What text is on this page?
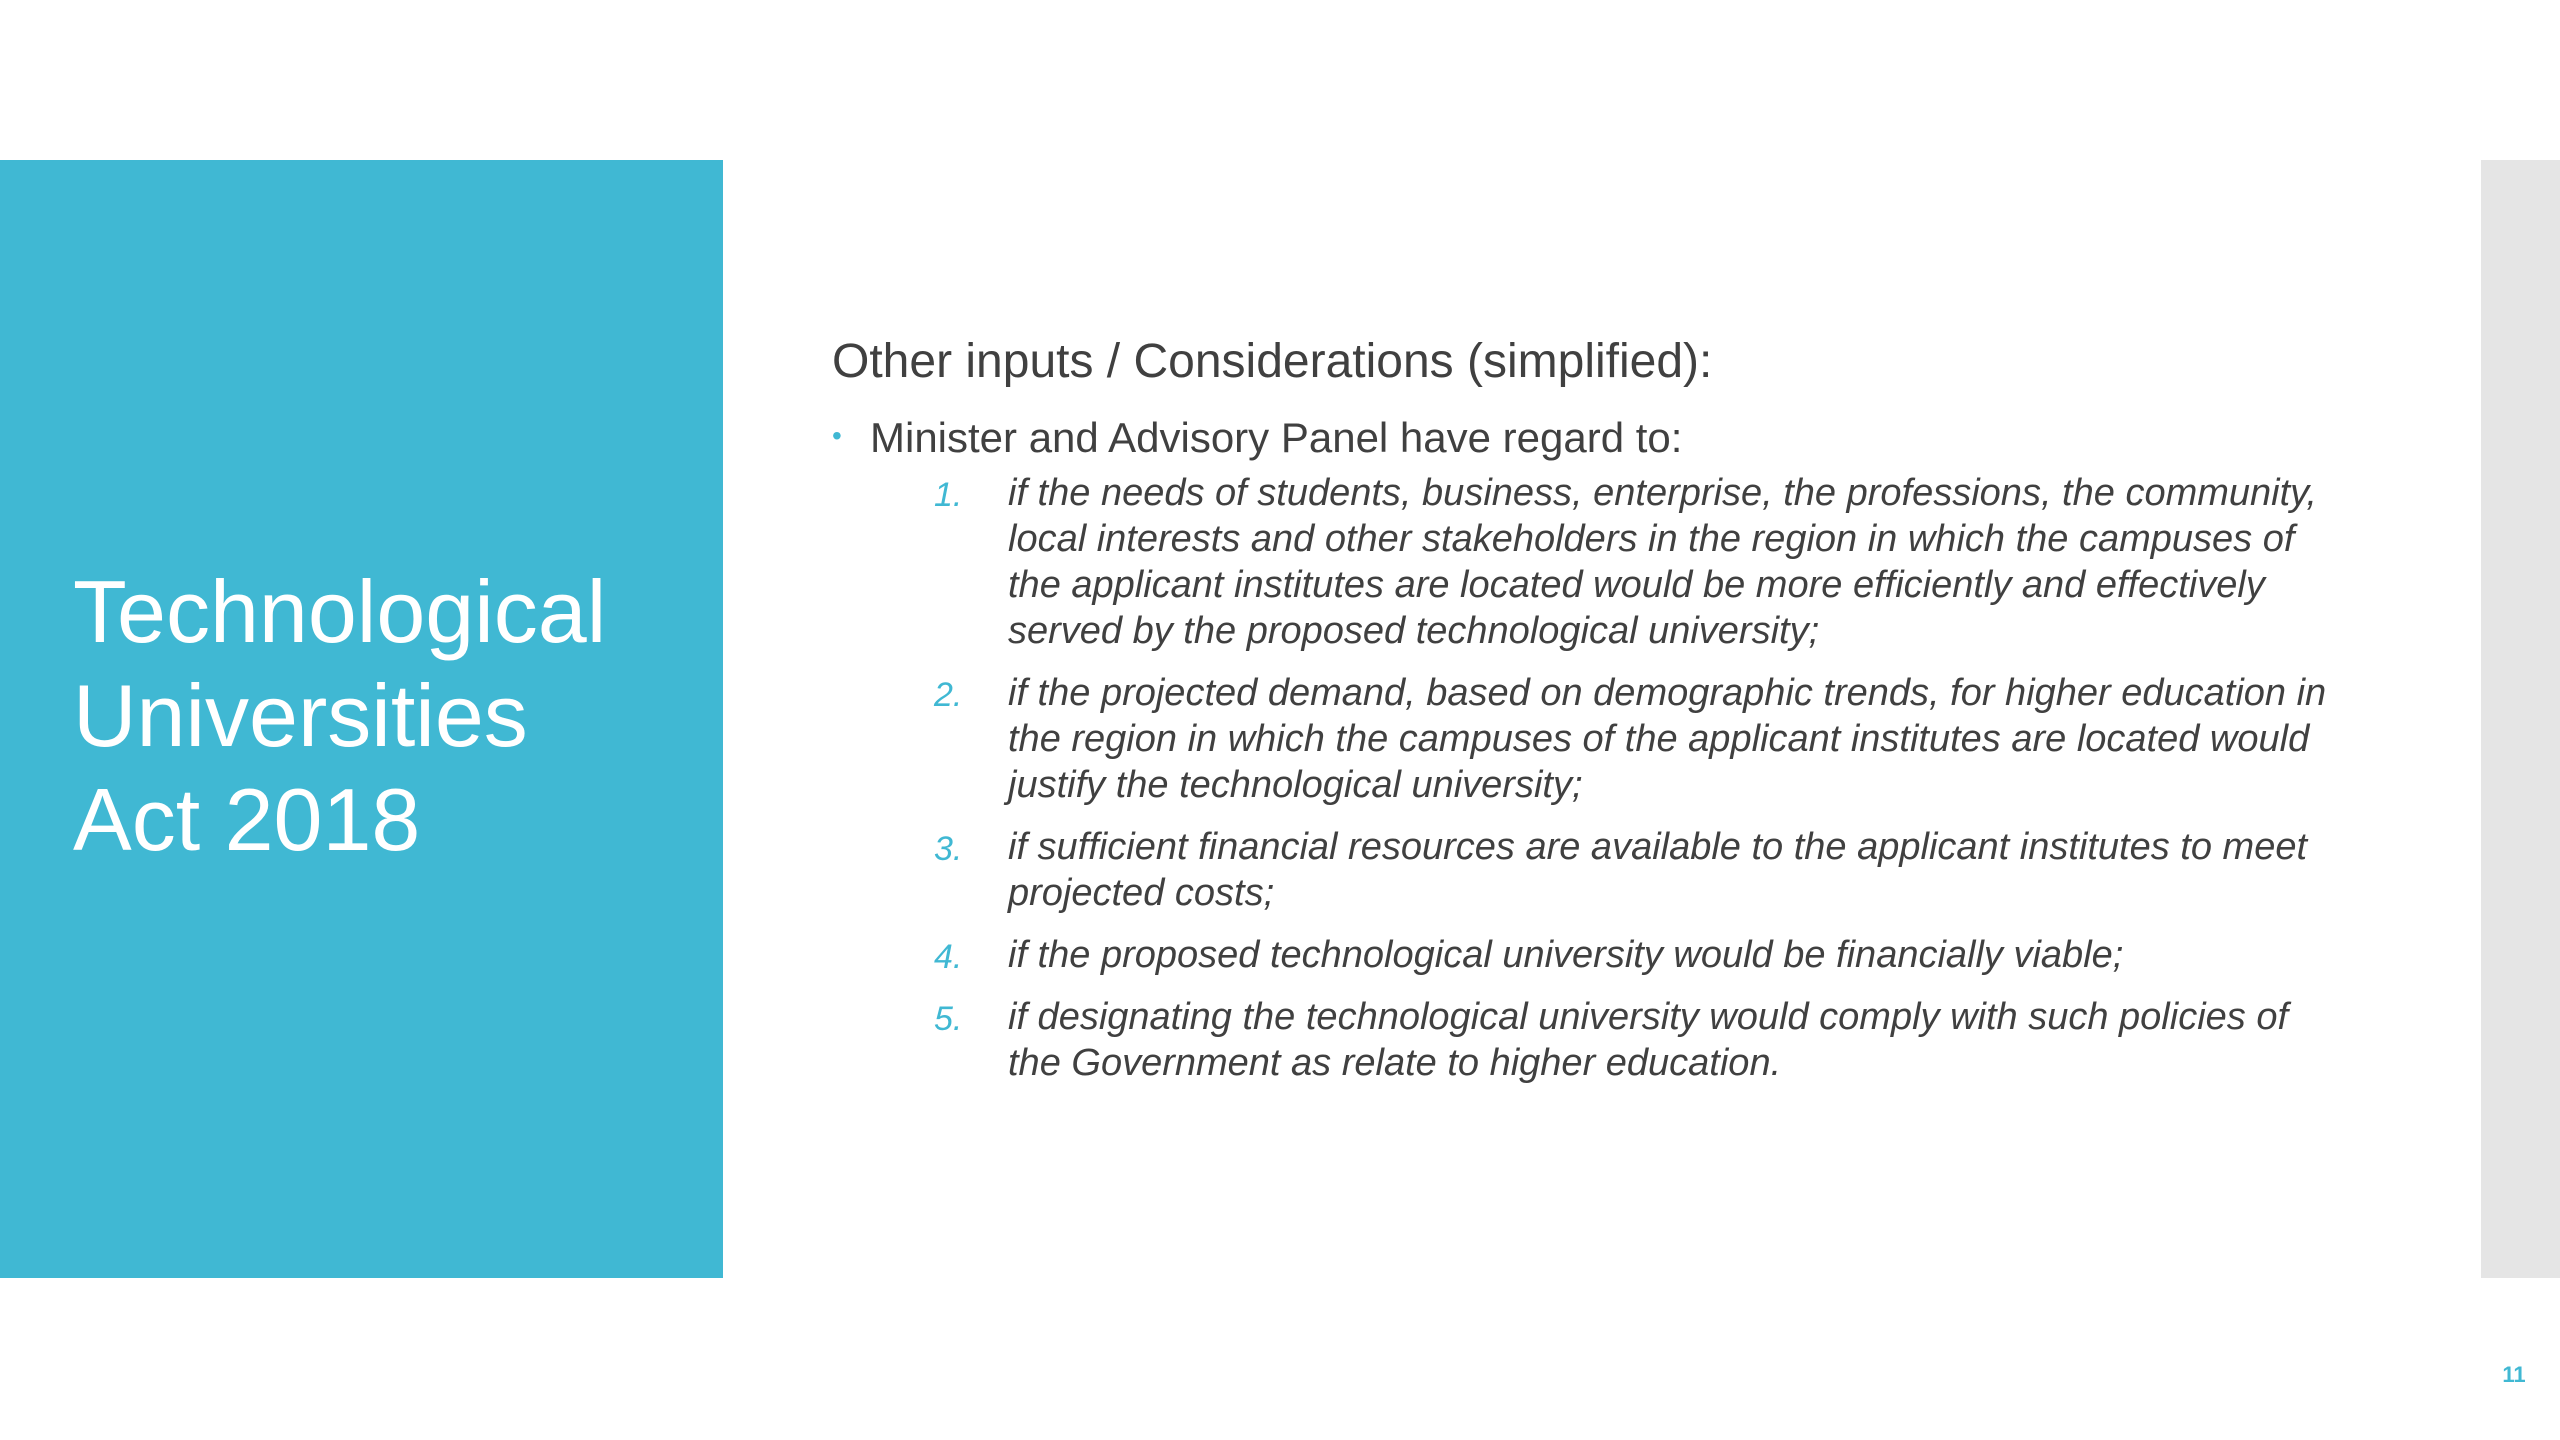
Technological
Universities
Act 2018
Other inputs / Considerations (simplified):
• Minister and Advisory Panel have regard to:
1. if the needs of students, business, enterprise, the professions, the community, local interests and other stakeholders in the region in which the campuses of the applicant institutes are located would be more efficiently and effectively served by the proposed technological university;
2. if the projected demand, based on demographic trends, for higher education in the region in which the campuses of the applicant institutes are located would justify the technological university;
3. if sufficient financial resources are available to the applicant institutes to meet projected costs;
4. if the proposed technological university would be financially viable;
5. if designating the technological university would comply with such policies of the Government as relate to higher education.
11
